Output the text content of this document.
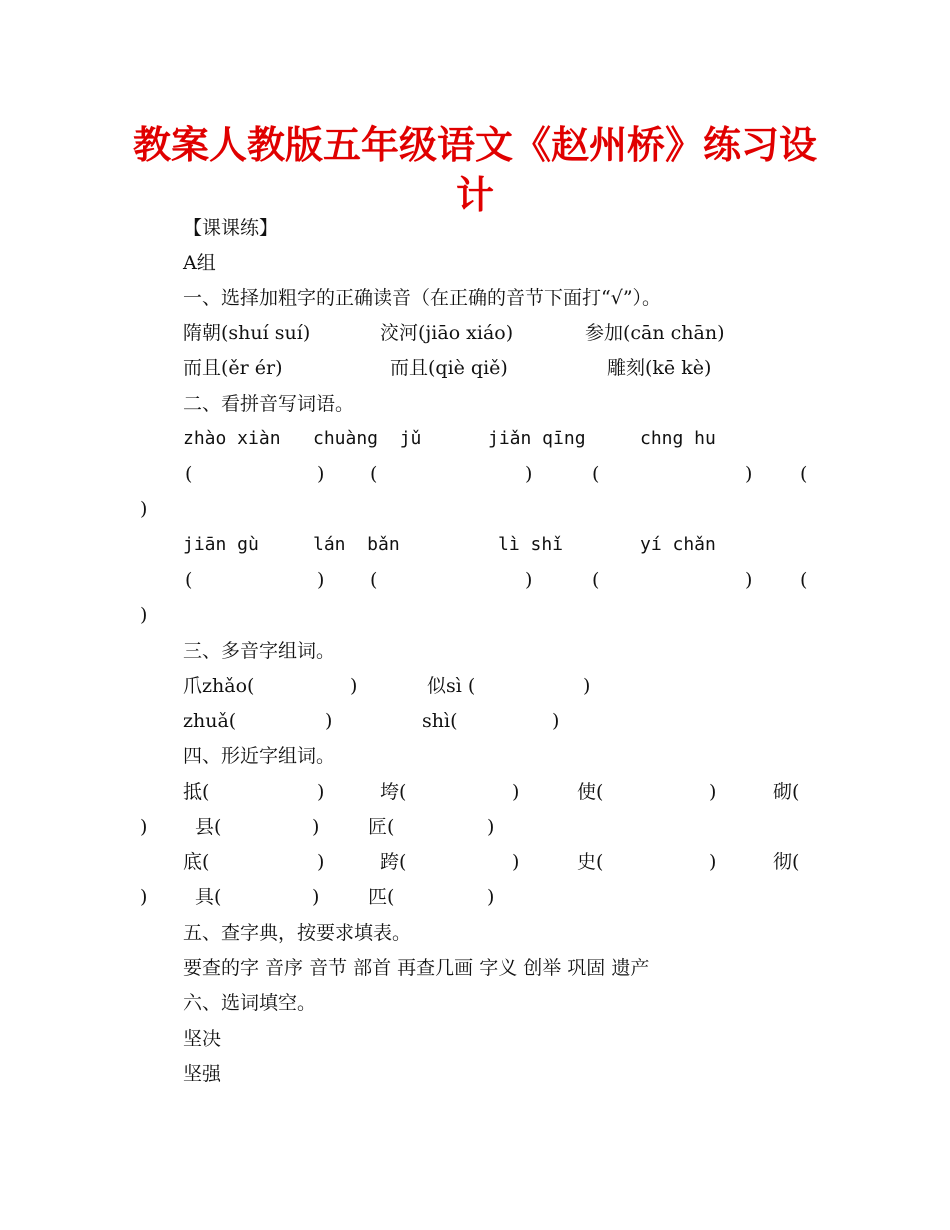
教案人教版五年级语文《赵州桥》练习设
计
【课课练】
A组
一、选择加粗字的正确读音（在正确的音节下面打“√”）。
隋朝(shuí suí)	洨河(jiāo xiáo)	参加(cān chān)
而且(ěr ér)	而且(qiè qiě)	雕刻(kē kè)
二、看拼音写词语。
zhào xiàn chuàng  jǔ	jiǎn qīng	chng hu
(	) (	)	(	)	(
)
jiān gù	lán  bǎn	lì shǐ	yí chǎn
(	) (	)	(	)	(
)
三、多音字组词。
爪zhǎo(	)	似sì (	)
zhuǎ(	)	shì(	)
四、形近字组词。
抵(	)	垮(	)	使(	)	砌(
)	县(	)	匠(	)
底(	)	跨(	)	史(	)	彻(
)	具(	)	匹(	)
五、查字典，按要求填表。
要查的字 音序 音节 部首 再查几画 字义 创举 巩固 遗产
六、选词填空。
坚决
坚强
